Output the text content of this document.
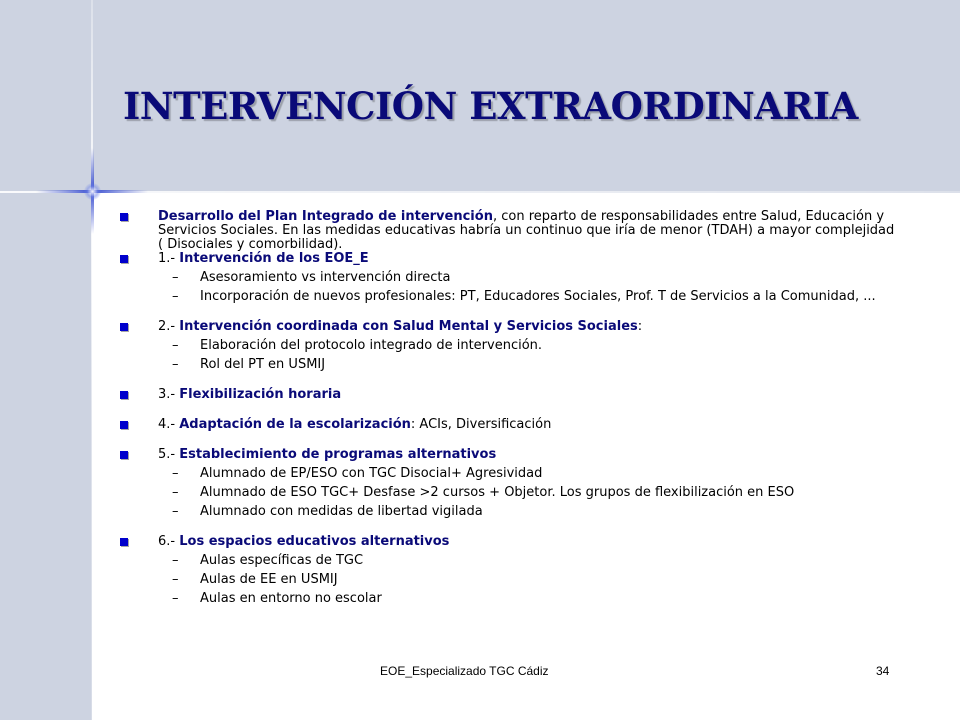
INTERVENCIÓN EXTRAORDINARIA
Desarrollo del Plan Integrado de intervención, con reparto de responsabilidades entre Salud, Educación y Servicios Sociales. En las medidas educativas habría un continuo que iría de menor (TDAH) a mayor complejidad ( Disociales y comorbilidad).
1.- Intervención de los EOE_E
– Asesoramiento vs intervención directa
– Incorporación de nuevos profesionales: PT, Educadores Sociales, Prof. T de Servicios a la Comunidad, ...
2.- Intervención coordinada con Salud Mental y Servicios Sociales:
– Elaboración del protocolo integrado de intervención.
– Rol del PT en USMIJ
3.- Flexibilización horaria
4.- Adaptación de la escolarización: ACIs, Diversificación
5.- Establecimiento de programas alternativos
– Alumnado de EP/ESO con TGC Disocial+ Agresividad
– Alumnado de ESO TGC+ Desfase >2 cursos + Objetor. Los grupos de flexibilización en ESO
– Alumnado con medidas de libertad vigilada
6.- Los espacios educativos alternativos
– Aulas específicas de TGC
– Aulas de EE en USMIJ
– Aulas en entorno no escolar
EOE_Especializado TGC Cádiz	34
